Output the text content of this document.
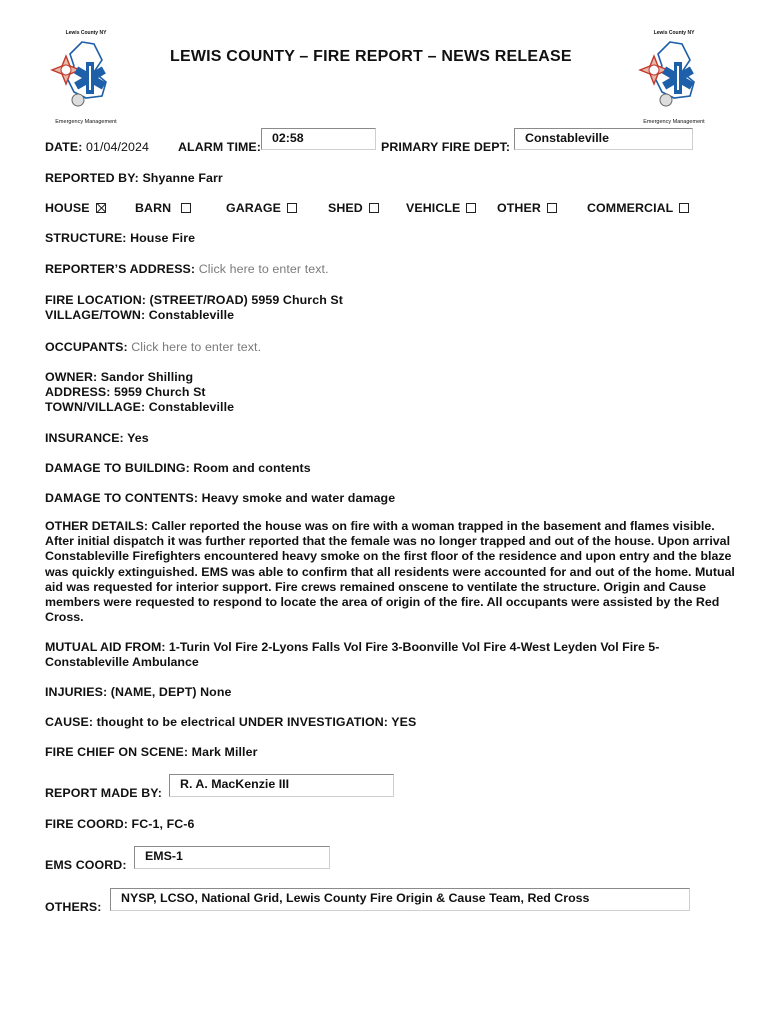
Lewis County NY
Emergency Management
Lewis County NY
Emergency Management
LEWIS COUNTY – FIRE REPORT – NEWS RELEASE
DATE: 01/04/2024 ALARM TIME:
02:58
PRIMARY FIRE DEPT:
Constableville
REPORTED BY: Shyanne Farr
HOUSE	BARN	GARAGE	SHED	VEHICLE	OTHER	COMMERCIAL
STRUCTURE: House Fire
REPORTER’S ADDRESS: Click here to enter text.
FIRE LOCATION: (STREET/ROAD) 5959 Church St
VILLAGE/TOWN: Constableville
OCCUPANTS: Click here to enter text.
OWNER: Sandor Shilling
ADDRESS: 5959 Church St
TOWN/VILLAGE: Constableville
INSURANCE: Yes
DAMAGE TO BUILDING: Room and contents
DAMAGE TO CONTENTS: Heavy smoke and water damage
OTHER DETAILS: Caller reported the house was on fire with a woman trapped in the basement and flames visible. After initial dispatch it was further reported that the female was no longer trapped and out of the house. Upon arrival Constableville Firefighters encountered heavy smoke on the first floor of the residence and upon entry and the blaze was quickly extinguished. EMS was able to confirm that all residents were accounted for and out of the home. Mutual aid was requested for interior support. Fire crews remained onscene to ventilate the structure. Origin and Cause members were requested to respond to locate the area of origin of the fire. All occupants were assisted by the Red Cross.
MUTUAL AID FROM: 1-Turin Vol Fire 2-Lyons Falls Vol Fire 3-Boonville Vol Fire 4-West Leyden Vol Fire 5-Constableville Ambulance
INJURIES: (NAME, DEPT) None
CAUSE: thought to be electrical UNDER INVESTIGATION: YES
FIRE CHIEF ON SCENE: Mark Miller
REPORT MADE BY:
R. A. MacKenzie III
FIRE COORD: FC-1, FC-6
EMS COORD:
EMS-1
OTHERS:
NYSP, LCSO, National Grid, Lewis County Fire Origin & Cause Team, Red Cross
